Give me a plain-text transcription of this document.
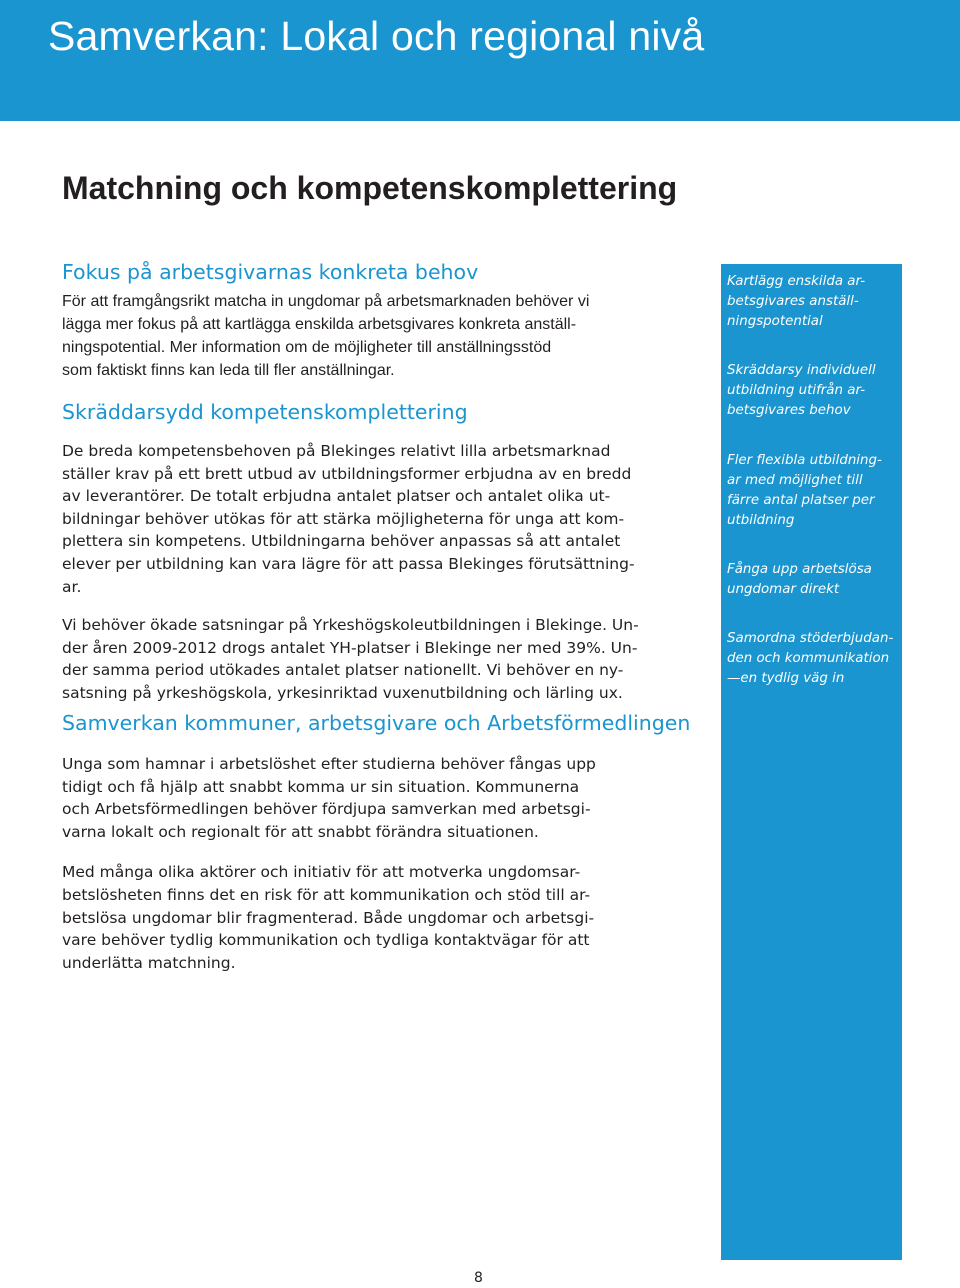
Samverkan: Lokal och regional nivå
Matchning och kompetenskomplettering
Fokus på arbetsgivarnas konkreta behov

För att framgångsrikt matcha in ungdomar på arbetsmarknaden behöver vi
lägga mer fokus på att kartlägga enskilda arbetsgivares konkreta anställ-
ningspotential. Mer information om de möjligheter till anställningsstöd
som faktiskt finns kan leda till fler anställningar.

Skräddarsydd kompetenskomplettering

De breda kompetensbehoven på Blekinges relativt lilla arbetsmarknad
ställer krav på ett brett utbud av utbildningsformer erbjudna av en bredd
av leverantörer. De totalt erbjudna antalet platser och antalet olika ut-
bildningar behöver utökas för att stärka möjligheterna för unga att kom-
plettera sin kompetens. Utbildningarna behöver anpassas så att antalet
elever per utbildning kan vara lägre för att passa Blekinges förutsättning-
ar.

Vi behöver ökade satsningar på Yrkeshögskoleutbildningen i Blekinge. Un-
der åren 2009-2012 drogs antalet YH-platser i Blekinge ner med 39%. Un-
der samma period utökades antalet platser nationellt. Vi behöver en ny-
satsning på yrkeshögskola, yrkesinriktad vuxenutbildning och lärling ux.

Samverkan kommuner, arbetsgivare och Arbetsförmedlingen

Unga som hamnar i arbetslöshet efter studierna behöver fångas upp
tidigt och få hjälp att snabbt komma ur sin situation. Kommunerna
och Arbetsförmedlingen behöver fördjupa samverkan med arbetsgi-
varna lokalt och regionalt för att snabbt förändra situationen.

Med många olika aktörer och initiativ för att motverka ungdomsar-
betslösheten finns det en risk för att kommunikation och stöd till ar-
betslösa ungdomar blir fragmenterad. Både ungdomar och arbetsgi-
vare behöver tydlig kommunikation och tydliga kontaktvägar för att
underlätta matchning.

Kartlägg enskilda ar-
betsgivares anställ-
ningspotential

Skräddarsy individuell
utbildning utifrån ar-
betsgivares behov

Fler flexibla utbildning-
ar med möjlighet till
färre antal platser per
utbildning

Fånga upp arbetslösa
ungdomar direkt

Samordna stöderbjudan-
den och kommunikation
—en tydlig väg in

8
